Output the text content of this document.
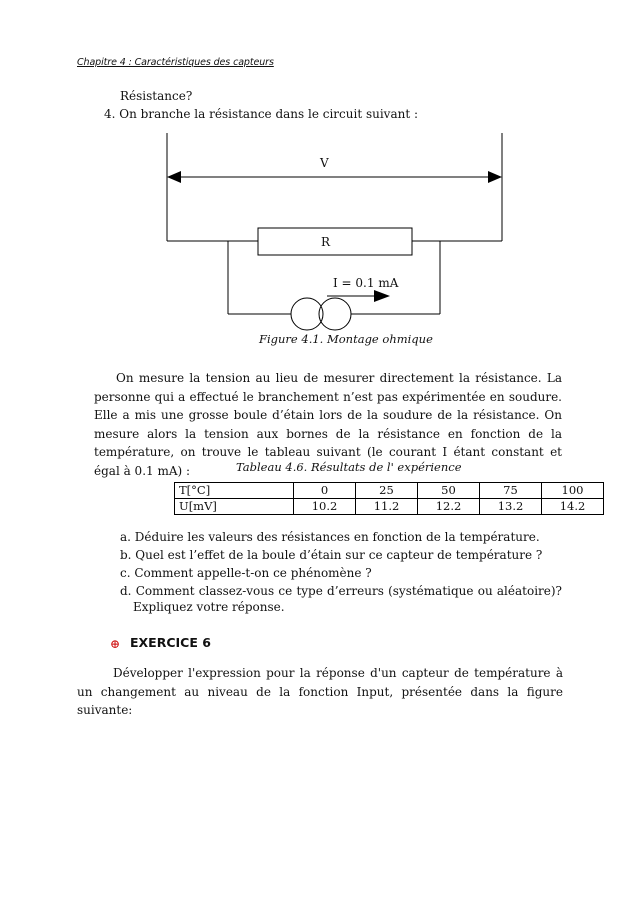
Chapitre 4 : Caractéristiques des capteurs
Résistance?
4. On branche la résistance dans le circuit suivant :
V
R
I = 0.1 mA
Figure 4.1. Montage ohmique
On mesure la tension au lieu de mesurer directement la résistance. La personne qui a effectué le branchement n’est pas expérimentée en soudure. Elle a mis une grosse boule d’étain lors de la soudure de la résistance. On mesure alors la tension aux bornes de la résistance en fonction de la température, on trouve le tableau suivant (le courant I étant constant et égal à 0.1 mA) :	Tableau 4.6. Résultats de l' expérience
T[°C]	0	25	50	75	100
U[mV]	10.2	11.2	12.2	13.2	14.2
a. Déduire les valeurs des résistances en fonction de la température.
b. Quel est l’effet de la boule d’étain sur ce capteur de température ?
c. Comment appelle-t-on ce phénomène ?
d. Comment classez-vous ce type d’erreurs (systématique ou aléatoire)?
Expliquez votre réponse.
⊕ EXERCICE 6
Développer l'expression pour la réponse d'un capteur de température à un changement au niveau de la fonction Input, présentée dans la figure suivante:
